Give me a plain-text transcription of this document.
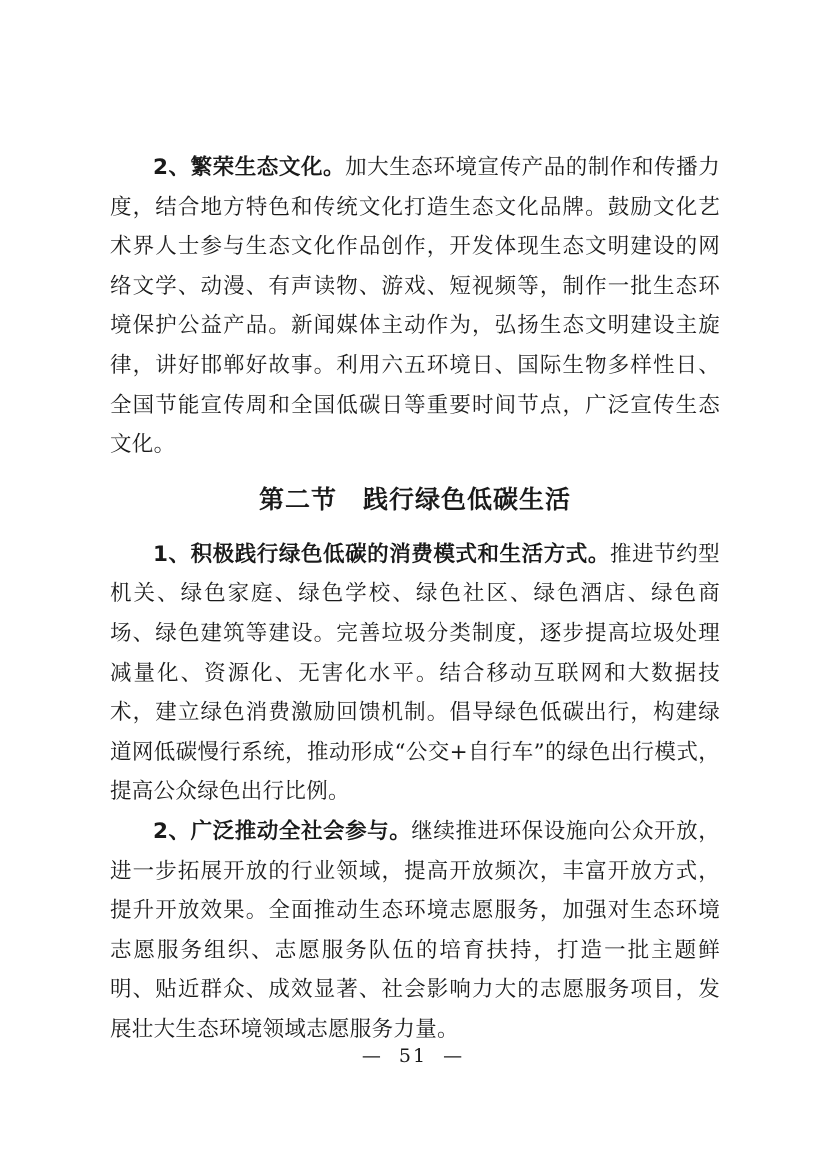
2、繁荣生态文化。加大生态环境宣传产品的制作和传播力度，结合地方特色和传统文化打造生态文化品牌。鼓励文化艺术界人士参与生态文化作品创作，开发体现生态文明建设的网络文学、动漫、有声读物、游戏、短视频等，制作一批生态环境保护公益产品。新闻媒体主动作为，弘扬生态文明建设主旋律，讲好邯郸好故事。利用六五环境日、国际生物多样性日、全国节能宣传周和全国低碳日等重要时间节点，广泛宣传生态文化。

第二节　践行绿色低碳生活

1、积极践行绿色低碳的消费模式和生活方式。推进节约型机关、绿色家庭、绿色学校、绿色社区、绿色酒店、绿色商场、绿色建筑等建设。完善垃圾分类制度，逐步提高垃圾处理减量化、资源化、无害化水平。结合移动互联网和大数据技术，建立绿色消费激励回馈机制。倡导绿色低碳出行，构建绿道网低碳慢行系统，推动形成“公交+自行车”的绿色出行模式，提高公众绿色出行比例。

2、广泛推动全社会参与。继续推进环保设施向公众开放，进一步拓展开放的行业领域，提高开放频次，丰富开放方式，提升开放效果。全面推动生态环境志愿服务，加强对生态环境志愿服务组织、志愿服务队伍的培育扶持，打造一批主题鲜明、贴近群众、成效显著、社会影响力大的志愿服务项目，发展壮大生态环境领域志愿服务力量。

— 51 —
